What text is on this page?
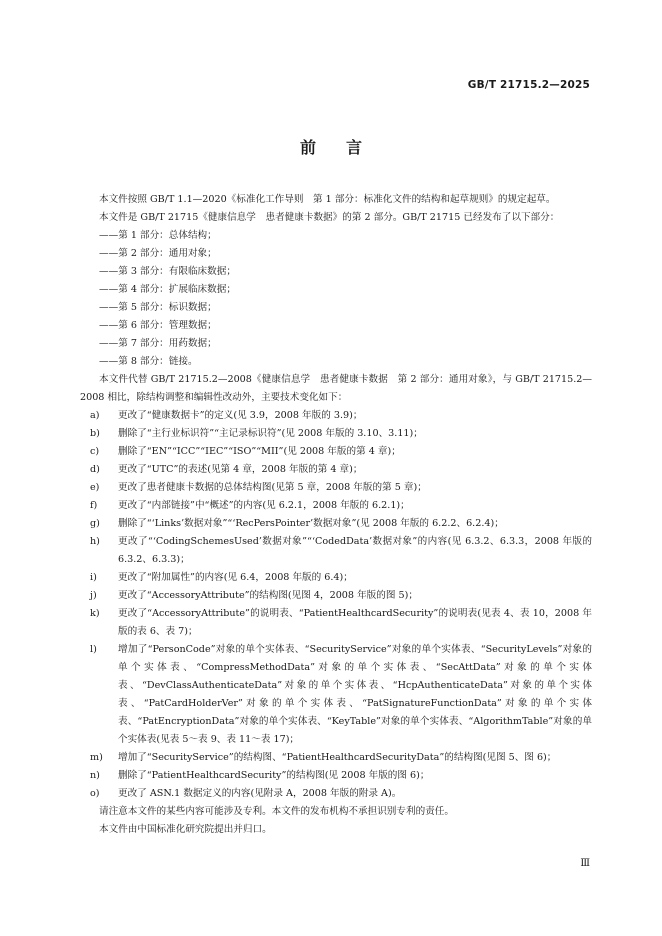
GB/T 21715.2—2025
前言

本文件按照 GB/T 1.1—2020《标准化工作导则　第 1 部分：标准化文件的结构和起草规则》的规定起草。

本文件是 GB/T 21715《健康信息学　患者健康卡数据》的第 2 部分。GB/T 21715 已经发布了以下部分：

——第 1 部分：总体结构；

——第 2 部分：通用对象；

——第 3 部分：有限临床数据；

——第 4 部分：扩展临床数据；

——第 5 部分：标识数据；

——第 6 部分：管理数据；

——第 7 部分：用药数据；

——第 8 部分：链接。

本文件代替 GB/T 21715.2—2008《健康信息学　患者健康卡数据　第 2 部分：通用对象》，与 GB/T 21715.2—2008 相比，除结构调整和编辑性改动外，主要技术变化如下：

a) 更改了“健康数据卡”的定义(见 3.9，2008 年版的 3.9)；

b) 删除了“主行业标识符”“主记录标识符”(见 2008 年版的 3.10、3.11)；

c) 删除了“EN”“ICC”“IEC”“ISO”“MII”(见 2008 年版的第 4 章)；

d) 更改了“UTC”的表述(见第 4 章，2008 年版的第 4 章)；

e) 更改了患者健康卡数据的总体结构图(见第 5 章，2008 年版的第 5 章)；

f) 更改了“内部链接”中“概述”的内容(见 6.2.1，2008 年版的 6.2.1)；

g) 删除了“‘Links’数据对象”“‘RecPersPointer’数据对象”(见 2008 年版的 6.2.2、6.2.4)；

h) 更改了“‘CodingSchemesUsed’数据对象”“‘CodedData’数据对象”的内容(见 6.3.2、6.3.3，2008 年版的 6.3.2、6.3.3)；

i) 更改了“附加属性”的内容(见 6.4，2008 年版的 6.4)；

j) 更改了“AccessoryAttribute”的结构图(见图 4，2008 年版的图 5)；

k) 更改了“AccessoryAttribute”的说明表、“PatientHealthcardSecurity”的说明表(见表 4、表 10，2008 年版的表 6、表 7)；

l) 增加了“PersonCode”对象的单个实体表、“SecurityService”对象的单个实体表、“SecurityLevels”对象的单个实体表、“CompressMethodData”对象的单个实体表、“SecAttData”对象的单个实体表、“DevClassAuthenticateData”对象的单个实体表、“HcpAuthenticateData”对象的单个实体表、“PatCardHolderVer”对象的单个实体表、“PatSignatureFunctionData”对象的单个实体表、“PatEncryptionData”对象的单个实体表、“KeyTable”对象的单个实体表、“AlgorithmTable”对象的单个实体表(见表 5～表 9、表 11～表 17)；

m) 增加了“SecurityService”的结构图、“PatientHealthcardSecurityData”的结构图(见图 5、图 6)；

n) 删除了“PatientHealthcardSecurity”的结构图(见 2008 年版的图 6)；

o) 更改了 ASN.1 数据定义的内容(见附录 A，2008 年版的附录 A)。

请注意本文件的某些内容可能涉及专利。本文件的发布机构不承担识别专利的责任。

本文件由中国标准化研究院提出并归口。

Ⅲ
